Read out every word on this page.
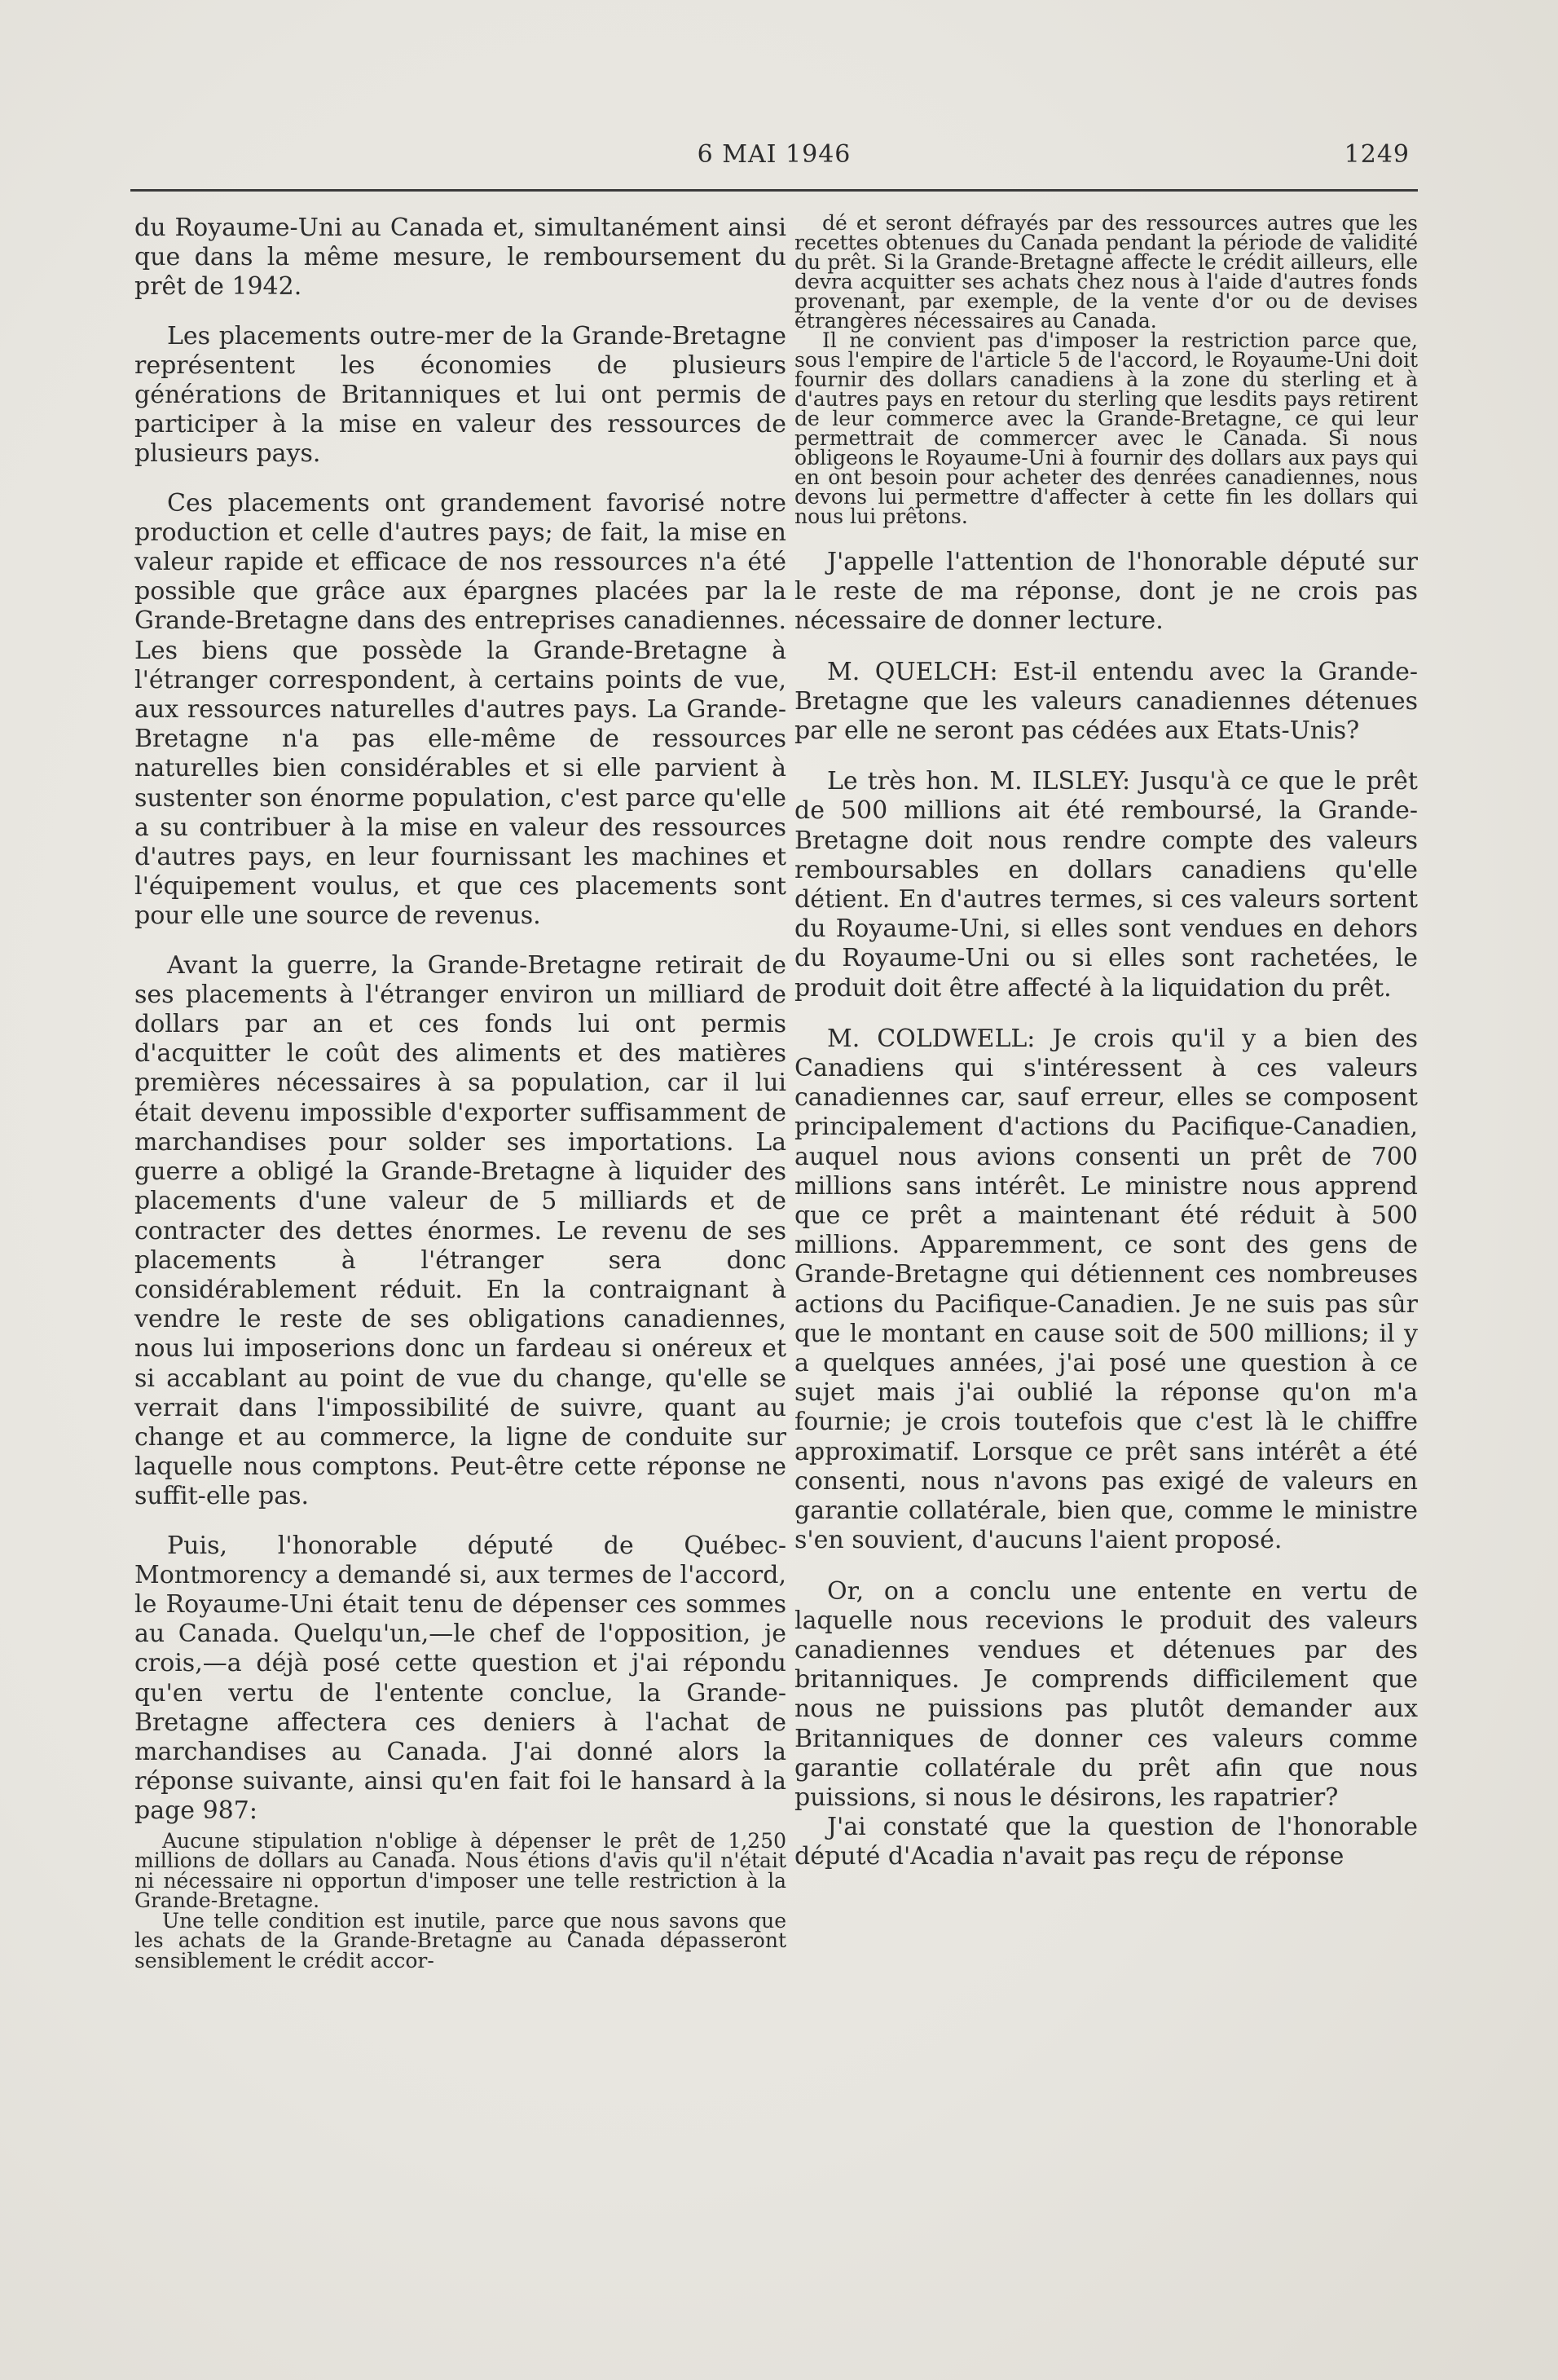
6 MAI 1946	1249

du Royaume-Uni au Canada et, simultanément ainsi que dans la même mesure, le remboursement du prêt de 1942.

Les placements outre-mer de la Grande-Bretagne représentent les économies de plusieurs générations de Britanniques et lui ont permis de participer à la mise en valeur des ressources de plusieurs pays.

Ces placements ont grandement favorisé notre production et celle d'autres pays; de fait, la mise en valeur rapide et efficace de nos ressources n'a été possible que grâce aux épargnes placées par la Grande-Bretagne dans des entreprises canadiennes. Les biens que possède la Grande-Bretagne à l'étranger correspondent, à certains points de vue, aux ressources naturelles d'autres pays. La Grande-Bretagne n'a pas elle-même de ressources naturelles bien considérables et si elle parvient à sustenter son énorme population, c'est parce qu'elle a su contribuer à la mise en valeur des ressources d'autres pays, en leur fournissant les machines et l'équipement voulus, et que ces placements sont pour elle une source de revenus.

Avant la guerre, la Grande-Bretagne retirait de ses placements à l'étranger environ un milliard de dollars par an et ces fonds lui ont permis d'acquitter le coût des aliments et des matières premières nécessaires à sa population, car il lui était devenu impossible d'exporter suffisamment de marchandises pour solder ses importations. La guerre a obligé la Grande-Bretagne à liquider des placements d'une valeur de 5 milliards et de contracter des dettes énormes. Le revenu de ses placements à l'étranger sera donc considérablement réduit. En la contraignant à vendre le reste de ses obligations canadiennes, nous lui imposerions donc un fardeau si onéreux et si accablant au point de vue du change, qu'elle se verrait dans l'impossibilité de suivre, quant au change et au commerce, la ligne de conduite sur laquelle nous comptons. Peut-être cette réponse ne suffit-elle pas.

Puis, l'honorable député de Québec-Montmorency a demandé si, aux termes de l'accord, le Royaume-Uni était tenu de dépenser ces sommes au Canada. Quelqu'un,—le chef de l'opposition, je crois,—a déjà posé cette question et j'ai répondu qu'en vertu de l'entente conclue, la Grande-Bretagne affectera ces deniers à l'achat de marchandises au Canada. J'ai donné alors la réponse suivante, ainsi qu'en fait foi le hansard à la page 987:

Aucune stipulation n'oblige à dépenser le prêt de 1,250 millions de dollars au Canada. Nous étions d'avis qu'il n'était ni nécessaire ni opportun d'imposer une telle restriction à la Grande-Bretagne.

Une telle condition est inutile, parce que nous savons que les achats de la Grande-Bretagne au Canada dépasseront sensiblement le crédit accor-

dé et seront défrayés par des ressources autres que les recettes obtenues du Canada pendant la période de validité du prêt. Si la Grande-Bretagne affecte le crédit ailleurs, elle devra acquitter ses achats chez nous à l'aide d'autres fonds provenant, par exemple, de la vente d'or ou de devises étrangères nécessaires au Canada.

Il ne convient pas d'imposer la restriction parce que, sous l'empire de l'article 5 de l'accord, le Royaume-Uni doit fournir des dollars canadiens à la zone du sterling et à d'autres pays en retour du sterling que lesdits pays retirent de leur commerce avec la Grande-Bretagne, ce qui leur permettrait de commercer avec le Canada. Si nous obligeons le Royaume-Uni à fournir des dollars aux pays qui en ont besoin pour acheter des denrées canadiennes, nous devons lui permettre d'affecter à cette fin les dollars qui nous lui prêtons.

J'appelle l'attention de l'honorable député sur le reste de ma réponse, dont je ne crois pas nécessaire de donner lecture.

M. QUELCH: Est-il entendu avec la Grande-Bretagne que les valeurs canadiennes détenues par elle ne seront pas cédées aux Etats-Unis?

Le très hon. M. ILSLEY: Jusqu'à ce que le prêt de 500 millions ait été remboursé, la Grande-Bretagne doit nous rendre compte des valeurs remboursables en dollars canadiens qu'elle détient. En d'autres termes, si ces valeurs sortent du Royaume-Uni, si elles sont vendues en dehors du Royaume-Uni ou si elles sont rachetées, le produit doit être affecté à la liquidation du prêt.

M. COLDWELL: Je crois qu'il y a bien des Canadiens qui s'intéressent à ces valeurs canadiennes car, sauf erreur, elles se composent principalement d'actions du Pacifique-Canadien, auquel nous avions consenti un prêt de 700 millions sans intérêt. Le ministre nous apprend que ce prêt a maintenant été réduit à 500 millions. Apparemment, ce sont des gens de Grande-Bretagne qui détiennent ces nombreuses actions du Pacifique-Canadien. Je ne suis pas sûr que le montant en cause soit de 500 millions; il y a quelques années, j'ai posé une question à ce sujet mais j'ai oublié la réponse qu'on m'a fournie; je crois toutefois que c'est là le chiffre approximatif. Lorsque ce prêt sans intérêt a été consenti, nous n'avons pas exigé de valeurs en garantie collatérale, bien que, comme le ministre s'en souvient, d'aucuns l'aient proposé.

Or, on a conclu une entente en vertu de laquelle nous recevions le produit des valeurs canadiennes vendues et détenues par des britanniques. Je comprends difficilement que nous ne puissions pas plutôt demander aux Britanniques de donner ces valeurs comme garantie collatérale du prêt afin que nous puissions, si nous le désirons, les rapatrier?

J'ai constaté que la question de l'honorable député d'Acadia n'avait pas reçu de réponse
